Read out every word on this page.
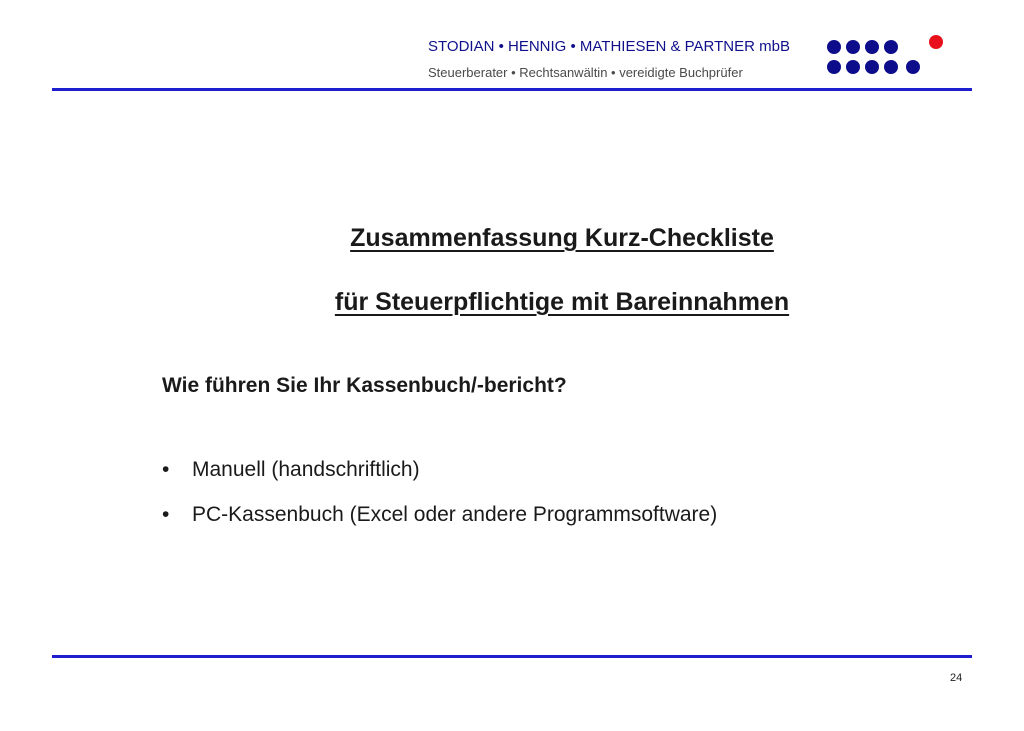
STODIAN • HENNIG • MATHIESEN & PARTNER mbB
Steuerberater • Rechtsanwältin • vereidigte Buchprüfer
Zusammenfassung Kurz-Checkliste
für Steuerpflichtige mit Bareinnahmen
Wie führen Sie Ihr Kassenbuch/-bericht?
•	Manuell (handschriftlich)
•	PC-Kassenbuch (Excel oder andere Programmsoftware)
24
